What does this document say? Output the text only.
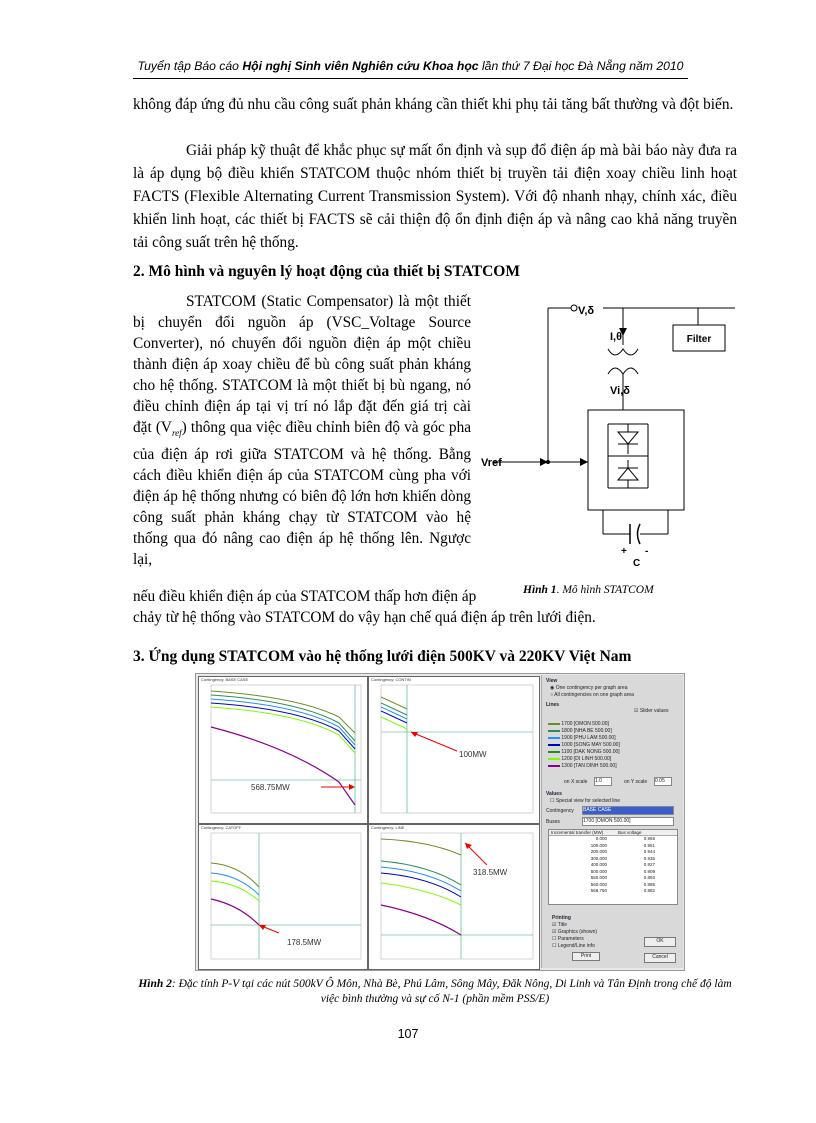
Tuyển tập Báo cáo Hội nghị Sinh viên Nghiên cứu Khoa học lần thứ 7 Đại học Đà Nẵng năm 2010

không đáp ứng đủ nhu cầu công suất phản kháng cần thiết khi phụ tải tăng bất thường và đột biến.

Giải pháp kỹ thuật để khắc phục sự mất ổn định và sụp đổ điện áp mà bài báo này đưa ra là áp dụng bộ điều khiển STATCOM thuộc nhóm thiết bị truyền tải điện xoay chiều linh hoạt FACTS (Flexible Alternating Current Transmission System). Với độ nhanh nhạy, chính xác, điều khiển linh hoạt, các thiết bị FACTS sẽ cải thiện độ ổn định điện áp và nâng cao khả năng truyền tải công suất trên hệ thống.

2. Mô hình và nguyên lý hoạt động của thiết bị STATCOM

STATCOM (Static Compensator) là một thiết bị chuyển đổi nguồn áp (VSC_Voltage Source Converter), nó chuyển đổi nguồn điện áp một chiều thành điện áp xoay chiều để bù công suất phản kháng cho hệ thống. STATCOM là một thiết bị bù ngang, nó điều chỉnh điện áp tại vị trí nó lắp đặt đến giá trị cài đặt $(V_{ref})$ thông qua việc điều chỉnh biên độ và góc pha của điện áp rơi giữa STATCOM và hệ thống. Bằng cách điều khiển điện áp của STATCOM cùng pha với điện áp hệ thống nhưng có biên độ lớn hơn khiến dòng công suất phản kháng chạy từ STATCOM vào hệ thống qua đó nâng cao điện áp hệ thống lên. Ngược lại,

nếu điều khiển điện áp của STATCOM thấp hơn điện áp

chảy từ hệ thống vào STATCOM do vậy hạn chế quá điện áp trên lưới điện.

Filter
V,δ
I,θ
Vi,δ
Vref
+ -
C
Hình 1. Mô hình STATCOM
3. Ứng dụng STATCOM vào hệ thống lưới điện 500KV và 220KV Việt Nam
Contingency: BASE CASE
568.75MW
Contingency: CONTIN
100MW
Contingency: CATOFF
178.5MW
Contingency: LINE
318.5MW
View
◉ One contingency per graph area
○ All contingencies on one graph area
Lines
☑ Slider values
1700 [OMON 500.00]
1800 [NHA BE 500.00]
1900 [PHU LAM 500.00]
1000 [SONG MAY 500.00]
1100 [DAK NONG 500.00]
1200 [DI LINH 500.00]
1300 [TAN DINH 500.00]
on X scale 1.0	on Y scale 0.05
Values
☐ Special view for selected line
Contingency BASE CASE
Buses	1700 [OMON 500.00]
Incremental transfer (MW)	Bus voltage
0.000	0.955
100.000	0.951
200.000	0.944
300.000	0.935
400.000	0.927
500.000	0.909
550.000	0.893
560.000	0.885
568.750	0.882
Printing
☑ Title
☑ Graphics (shown)
☐ Parameters
☐ Legend/Line info
Print
OK
Cancel
Hình 2: Đặc tính P-V tại các nút 500kV Ô Môn, Nhà Bè, Phú Lâm, Sông Mây, Đăk Nông, Di Linh và Tân Định trong chế độ làm việc bình thường và sự cố N-1 (phần mềm PSS/E)
107
